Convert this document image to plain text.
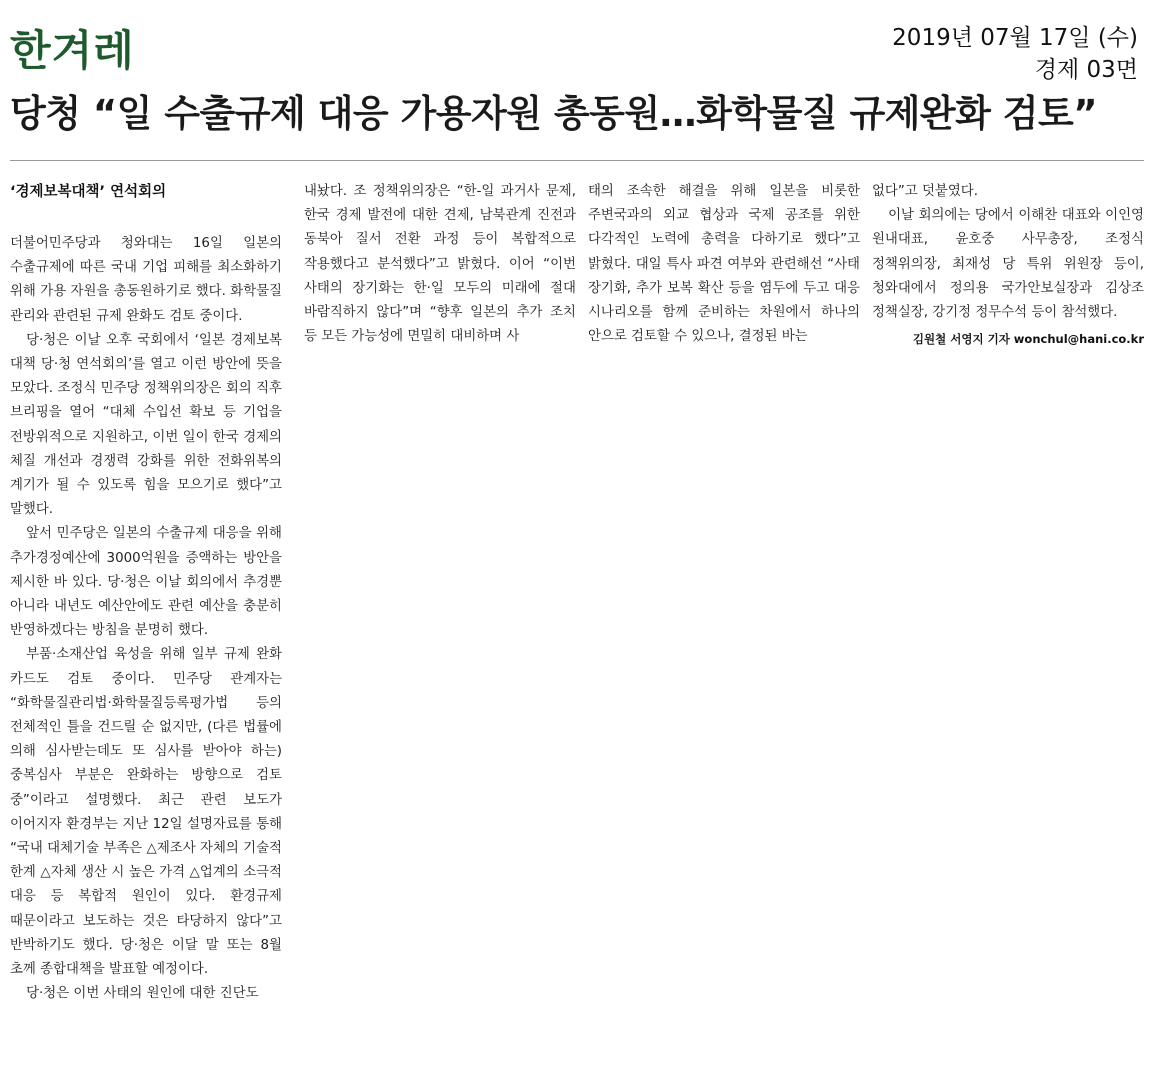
한겨레	2019년 07월 17일 (수)
경제 03면
당청 “일 수출규제 대응 가용자원 총동원…화학물질 규제완화 검토”
‘경제보복대책’ 연석회의

더불어민주당과 청와대는 16일 일본의 수출규제에 따른 국내 기업 피해를 최소화하기 위해 가용 자원을 총동원하기로 했다. 화학물질 관리와 관련된 규제 완화도 검토 중이다.

당·청은 이날 오후 국회에서 ‘일본 경제보복 대책 당·청 연석회의’를 열고 이런 방안에 뜻을 모았다. 조정식 민주당 정책위의장은 회의 직후 브리핑을 열어 “대체 수입선 확보 등 기업을 전방위적으로 지원하고, 이번 일이 한국 경제의 체질 개선과 경쟁력 강화를 위한 전화위복의 계기가 될 수 있도록 힘을 모으기로 했다”고 말했다.

앞서 민주당은 일본의 수출규제 대응을 위해 추가경정예산에 3000억원을 증액하는 방안을 제시한 바 있다. 당·청은 이날 회의에서 추경뿐 아니라 내년도 예산안에도 관련 예산을 충분히 반영하겠다는 방침을 분명히 했다.

부품·소재산업 육성을 위해 일부 규제 완화 카드도 검토 중이다. 민주당 관계자는 “화학물질관리법·화학물질등록평가법 등의 전체적인 틀을 건드릴 순 없지만, (다른 법률에 의해 심사받는데도 또 심사를 받아야 하는) 중복심사 부분은 완화하는 방향으로 검토 중”이라고 설명했다. 최근 관련 보도가 이어지자 환경부는 지난 12일 설명자료를 통해 “국내 대체기술 부족은 △제조사 자체의 기술적 한계 △자체 생산 시 높은 가격 △업계의 소극적 대응 등 복합적 원인이 있다. 환경규제 때문이라고 보도하는 것은 타당하지 않다”고 반박하기도 했다. 당·청은 이달 말 또는 8월 초께 종합대책을 발표할 예정이다.

당·청은 이번 사태의 원인에 대한 진단도

내놨다. 조 정책위의장은 “한-일 과거사 문제, 한국 경제 발전에 대한 견제, 남북관계 진전과 동북아 질서 전환 과정 등이 복합적으로 작용했다고 분석했다”고 밝혔다. 이어 “이번 사태의 장기화는 한·일 모두의 미래에 절대 바람직하지 않다”며 “향후 일본의 추가 조치 등 모든 가능성에 면밀히 대비하며 사

태의 조속한 해결을 위해 일본을 비롯한 주변국과의 외교 협상과 국제 공조를 위한 다각적인 노력에 총력을 다하기로 했다”고 밝혔다. 대일 특사 파견 여부와 관련해선 “사태 장기화, 추가 보복 확산 등을 염두에 두고 대응 시나리오를 함께 준비하는 차원에서 하나의 안으로 검토할 수 있으나, 결정된 바는

없다”고 덧붙였다.

이날 회의에는 당에서 이해찬 대표와 이인영 원내대표, 윤호중 사무총장, 조정식 정책위의장, 최재성 당 특위 위원장 등이, 청와대에서 정의용 국가안보실장과 김상조 정책실장, 강기정 정무수석 등이 참석했다.

김원철 서영지 기자 wonchul@hani.co.kr
